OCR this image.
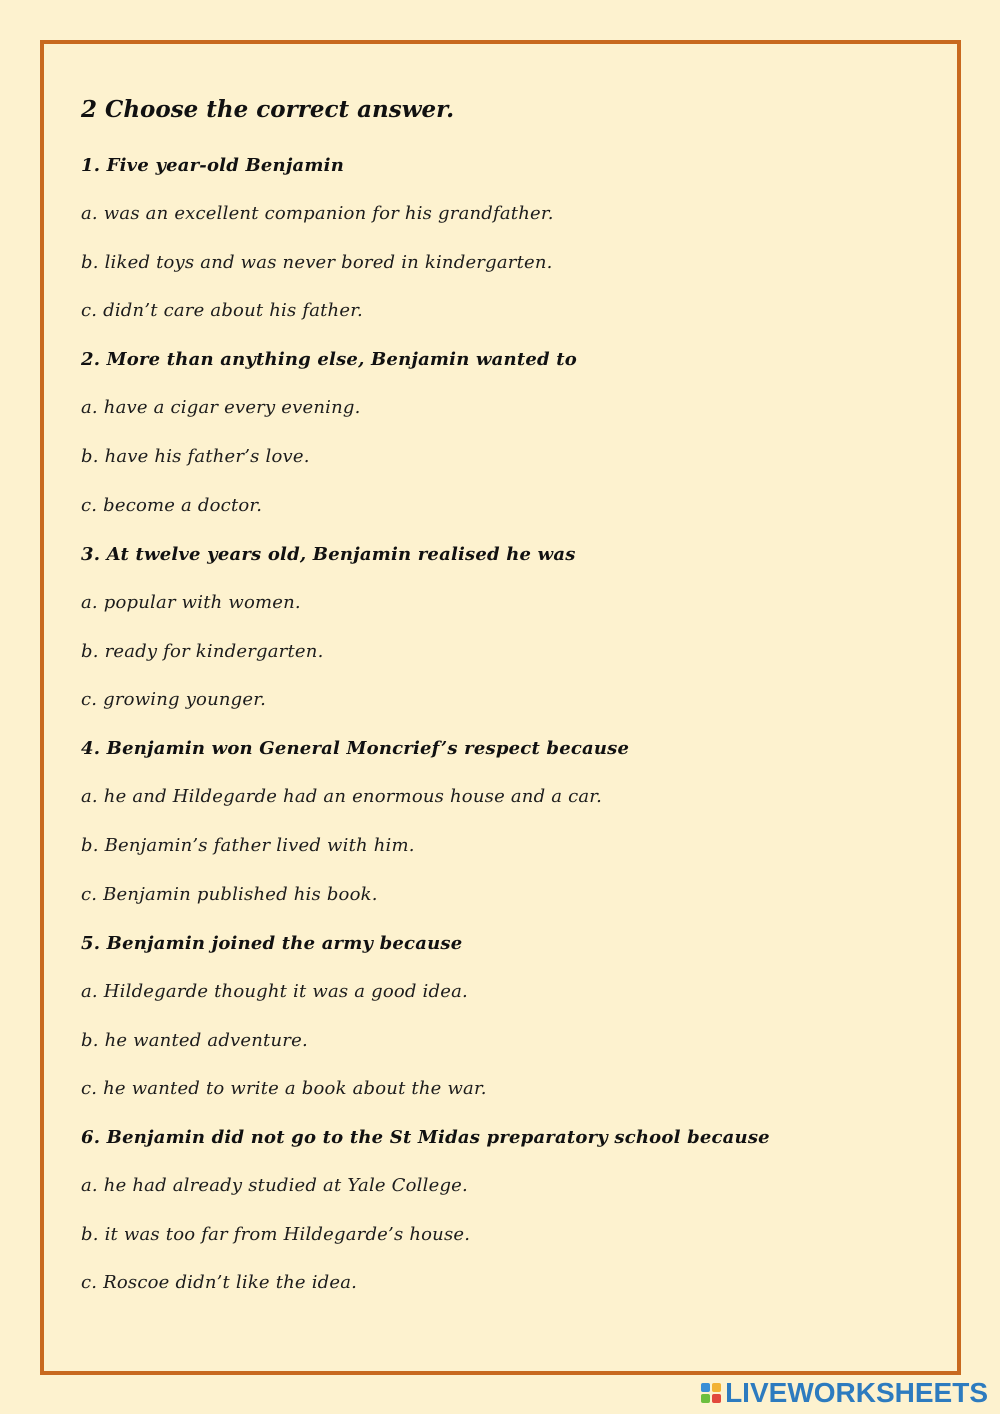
2 Choose the correct answer.
1. Five year-old Benjamin
a. was an excellent companion for his grandfather.
b. liked toys and was never bored in kindergarten.
c. didn’t care about his father.
2. More than anything else, Benjamin wanted to
a. have a cigar every evening.
b. have his father’s love.
c. become a doctor.
3. At twelve years old, Benjamin realised he was
a. popular with women.
b. ready for kindergarten.
c. growing younger.
4. Benjamin won General Moncrief’s respect because
a. he and Hildegarde had an enormous house and a car.
b. Benjamin’s father lived with him.
c. Benjamin published his book.
5. Benjamin joined the army because
a. Hildegarde thought it was a good idea.
b. he wanted adventure.
c. he wanted to write a book about the war.
6. Benjamin did not go to the St Midas preparatory school because
a. he had already studied at Yale College.
b. it was too far from Hildegarde’s house.
c. Roscoe didn’t like the idea.
LIVEWORKSHEETS
